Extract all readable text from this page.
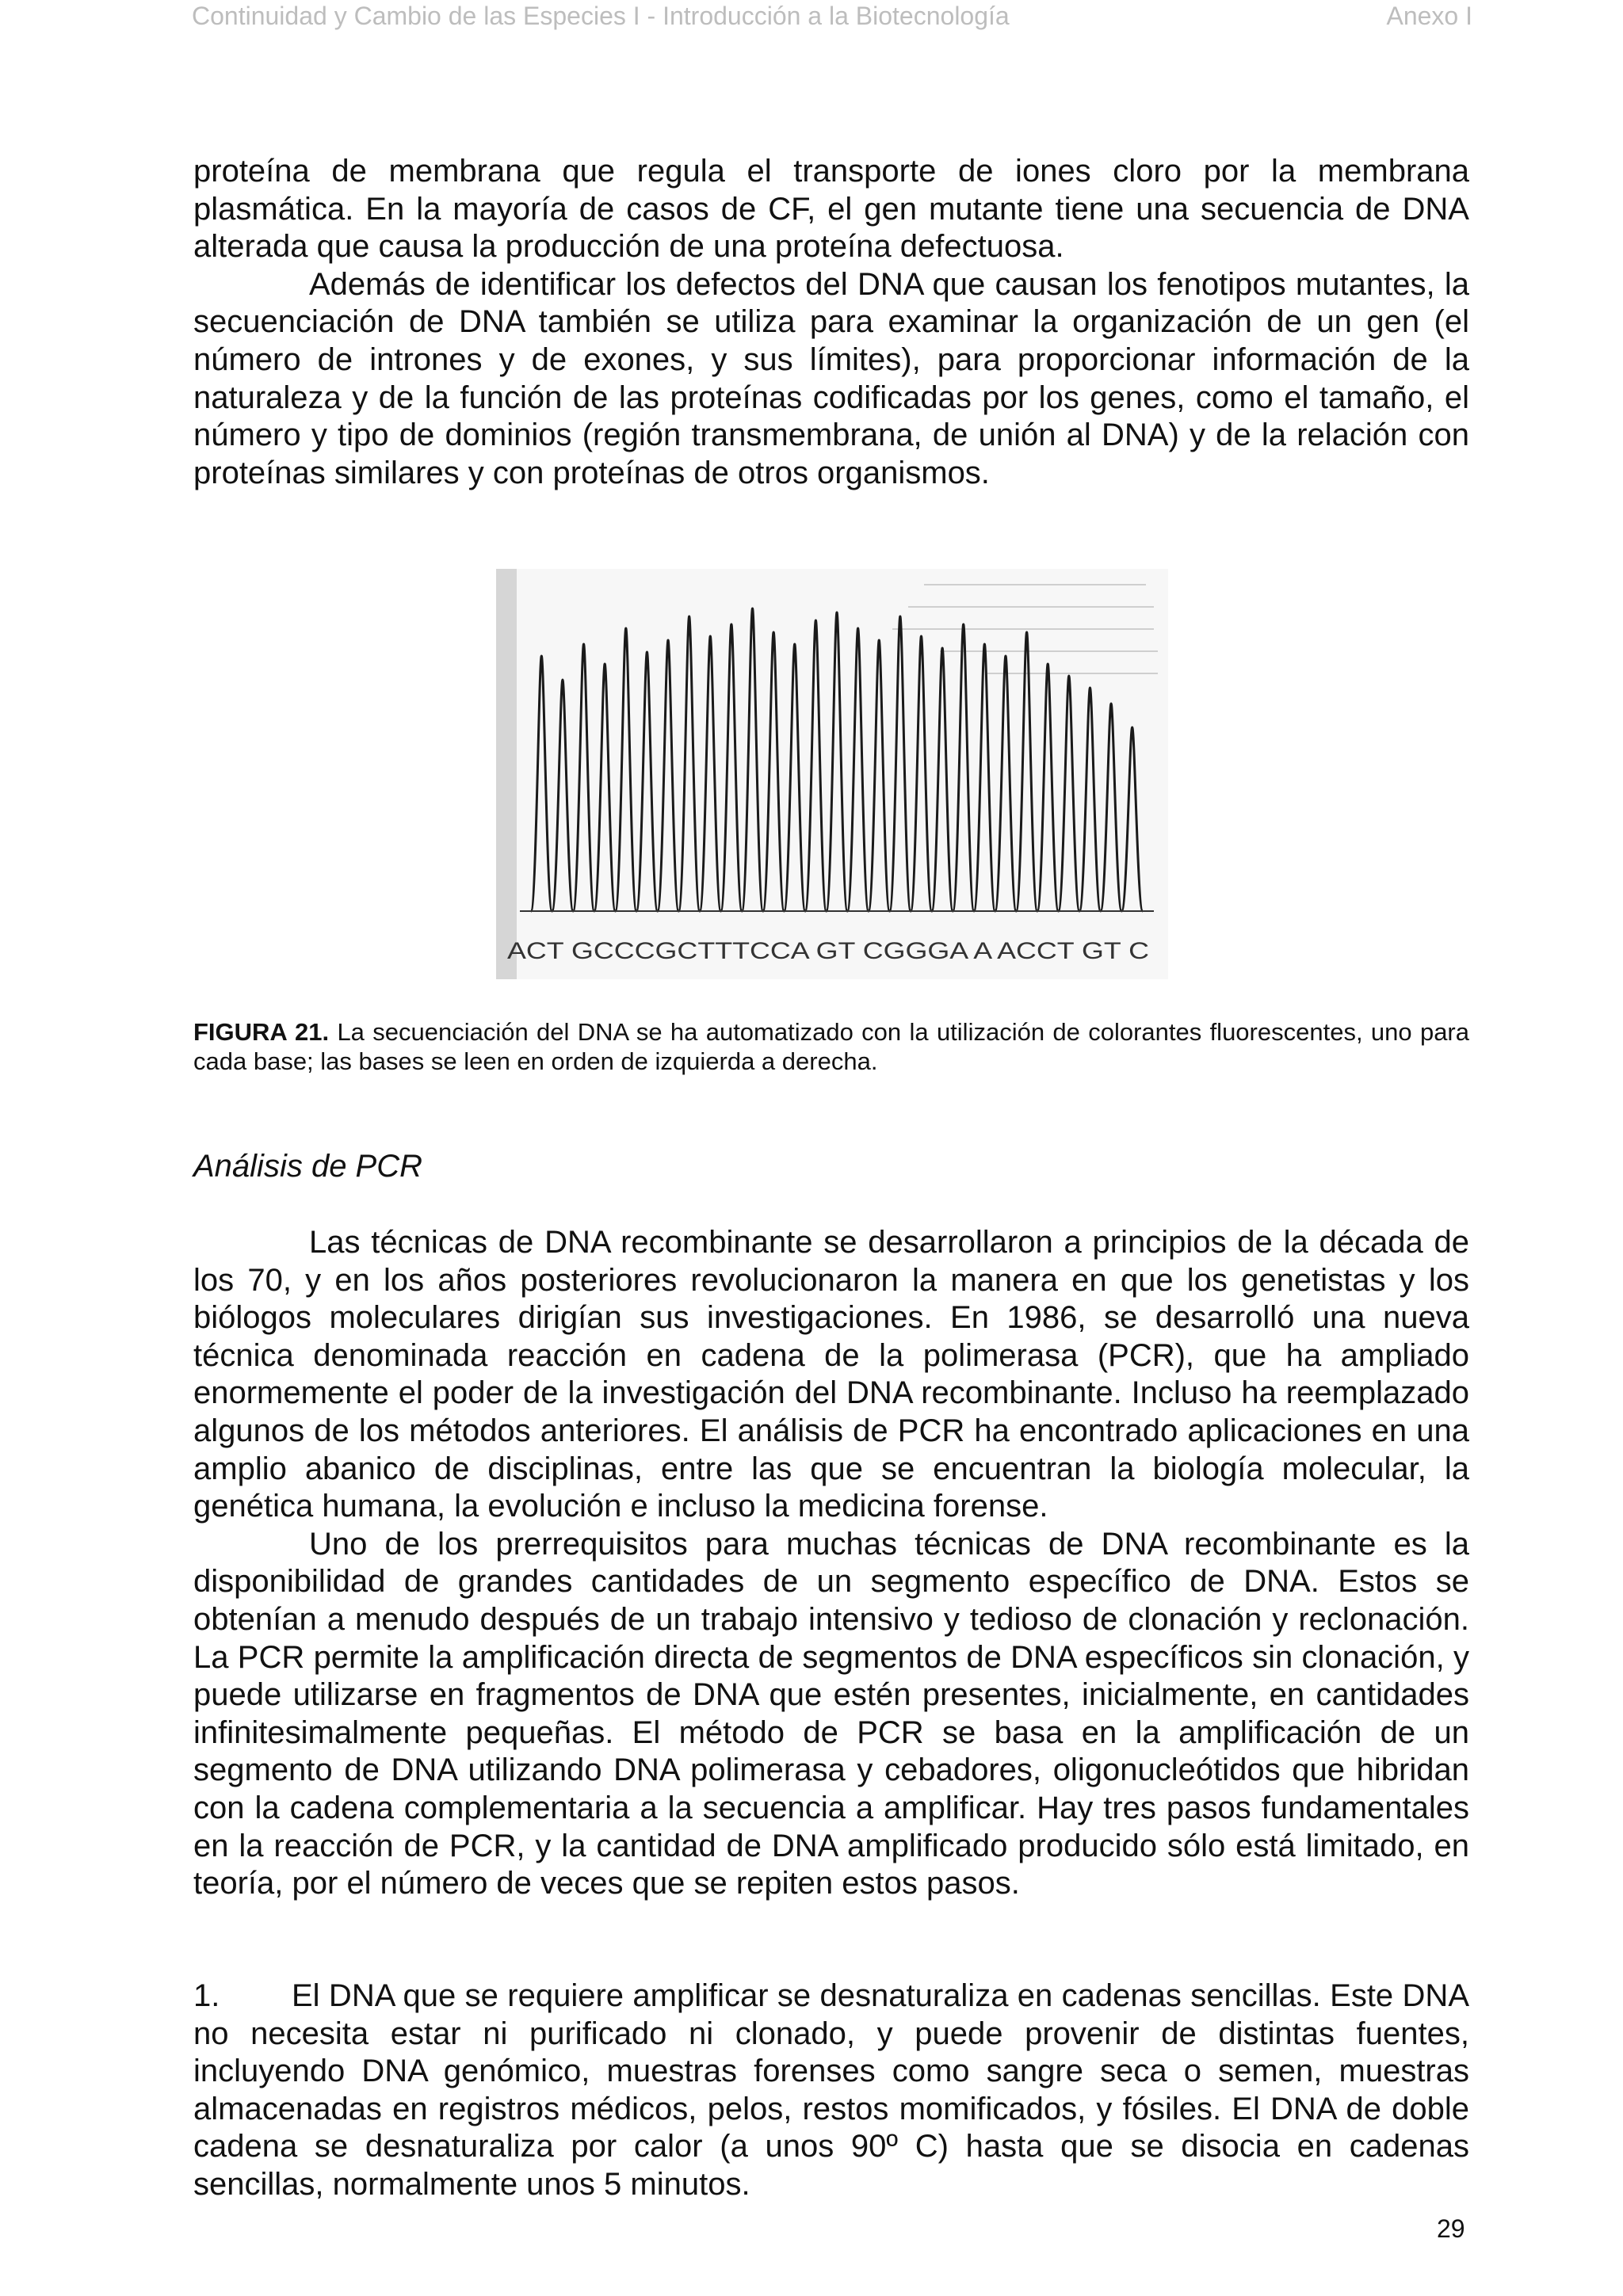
Continuidad y Cambio de las Especies I - Introducción a la Biotecnología	Anexo I

proteína de membrana que regula el transporte de iones cloro por la membrana plasmática. En la mayoría de casos de CF, el gen mutante tiene una secuencia de DNA alterada que causa la producción de una proteína defectuosa.

Además de identificar los defectos del DNA que causan los fenotipos mutantes, la secuenciación de DNA también se utiliza para examinar la organización de un gen (el número de intrones y de exones, y sus límites), para proporcionar información de la naturaleza y de la función de las proteínas codificadas por los genes, como el tamaño, el número y tipo de dominios (región transmembrana, de unión al DNA) y de la relación con proteínas similares y con proteínas de otros organismos.

ACT GCCCGCTTTCCA GT CGGGA A ACCT GT C
FIGURA 21. La secuenciación del DNA se ha automatizado con la utilización de colorantes fluorescentes, uno para cada base; las bases se leen en orden de izquierda a derecha.
Análisis de PCR

Las técnicas de DNA recombinante se desarrollaron a principios de la década de los 70, y en los años posteriores revolucionaron la manera en que los genetistas y los biólogos moleculares dirigían sus investigaciones. En 1986, se desarrolló una nueva técnica denominada reacción en cadena de la polimerasa (PCR), que ha ampliado enormemente el poder de la investigación del DNA recombinante. Incluso ha reemplazado algunos de los métodos anteriores. El análisis de PCR ha encontrado aplicaciones en una amplio abanico de disciplinas, entre las que se encuentran la biología molecular, la genética humana, la evolución e incluso la medicina forense.

Uno de los prerrequisitos para muchas técnicas de DNA recombinante es la disponibilidad de grandes cantidades de un segmento específico de DNA. Estos se obtenían a menudo después de un trabajo intensivo y tedioso de clonación y reclonación. La PCR permite la amplificación directa de segmentos de DNA específicos sin clonación, y puede utilizarse en fragmentos de DNA que estén presentes, inicialmente, en cantidades infinitesimalmente pequeñas. El método de PCR se basa en la amplificación de un segmento de DNA utilizando DNA polimerasa y cebadores, oligonucleótidos que hibridan con la cadena complementaria a la secuencia a amplificar. Hay tres pasos fundamentales en la reacción de PCR, y la cantidad de DNA amplificado producido sólo está limitado, en teoría, por el número de veces que se repiten estos pasos.

1. El DNA que se requiere amplificar se desnaturaliza en cadenas sencillas. Este DNA no necesita estar ni purificado ni clonado, y puede provenir de distintas fuentes, incluyendo DNA genómico, muestras forenses como sangre seca o semen, muestras almacenadas en registros médicos, pelos, restos momificados, y fósiles. El DNA de doble cadena se desnaturaliza por calor (a unos 90º C) hasta que se disocia en cadenas sencillas, normalmente unos 5 minutos.

29
